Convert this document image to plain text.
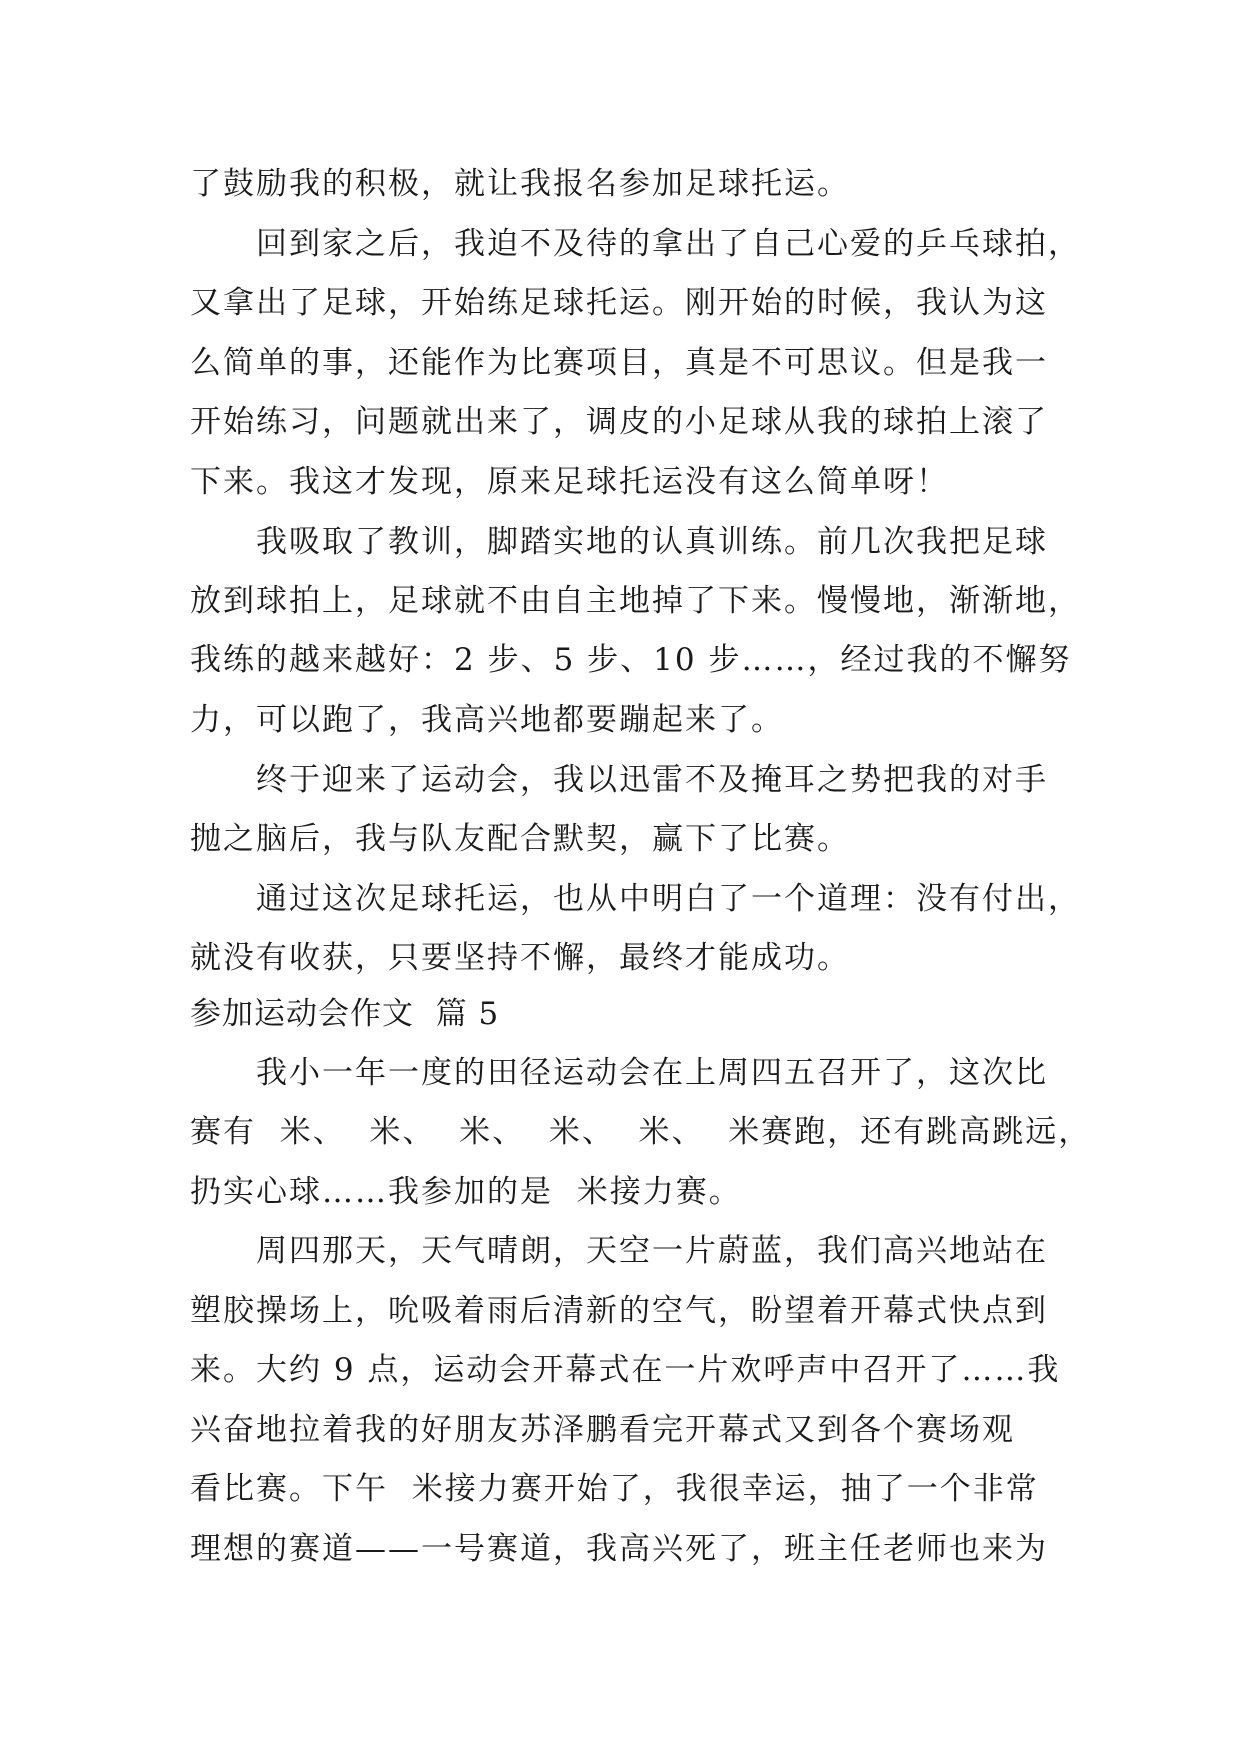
了鼓励我的积极，就让我报名参加足球托运。
　　回到家之后，我迫不及待的拿出了自己心爱的乒乓球拍，
又拿出了足球，开始练足球托运。刚开始的时候，我认为这
么简单的事，还能作为比赛项目，真是不可思议。但是我一
开始练习，问题就出来了，调皮的小足球从我的球拍上滚了
下来。我这才发现，原来足球托运没有这么简单呀！
　　我吸取了教训，脚踏实地的认真训练。前几次我把足球
放到球拍上，足球就不由自主地掉了下来。慢慢地，渐渐地，
我练的越来越好：2 步、5 步、10 步……，经过我的不懈努
力，可以跑了，我高兴地都要蹦起来了。
　　终于迎来了运动会，我以迅雷不及掩耳之势把我的对手
抛之脑后，我与队友配合默契，赢下了比赛。
　　通过这次足球托运，也从中明白了一个道理：没有付出，
就没有收获，只要坚持不懈，最终才能成功。
参加运动会作文  篇 5
　　我小一年一度的田径运动会在上周四五召开了，这次比
赛有  米、  米、  米、  米、  米、  米赛跑，还有跳高跳远，
扔实心球……我参加的是  米接力赛。
　　周四那天，天气晴朗，天空一片蔚蓝，我们高兴地站在
塑胶操场上，吮吸着雨后清新的空气，盼望着开幕式快点到
来。大约 9 点，运动会开幕式在一片欢呼声中召开了……我
兴奋地拉着我的好朋友苏泽鹏看完开幕式又到各个赛场观
看比赛。下午  米接力赛开始了，我很幸运，抽了一个非常
理想的赛道——一号赛道，我高兴死了，班主任老师也来为
